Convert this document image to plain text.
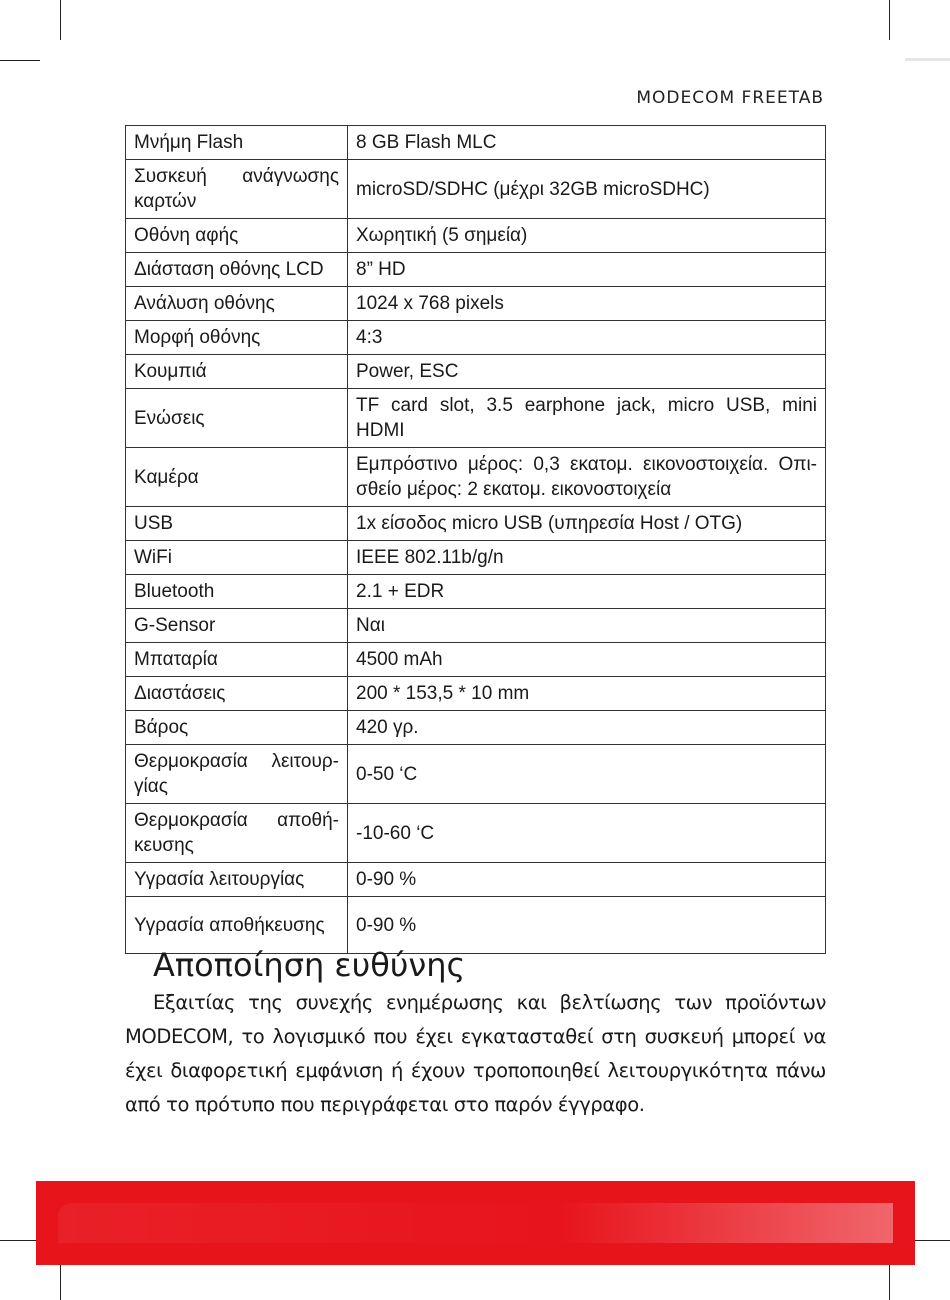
MODECOM FREETAB
Μνήμη Flash	8 GB Flash MLC
Συσκευή ανάγνωσης καρτών	microSD/SDHC (μέχρι 32GB microSDHC)
Οθόνη αφής	Χωρητική (5 σημεία)
Διάσταση οθόνης LCD	8” HD
Ανάλυση οθόνης	1024 x 768 pixels
Μορφή οθόνης	4:3
Κουμπιά	Power, ESC
Ενώσεις	TF card slot, 3.5 earphone jack, micro USB, mini HDMI
Καμέρα	Εμπρόστινο μέρος: 0,3 εκατομ. εικονοστοιχεία. Οπι-σθείο μέρος: 2 εκατομ. εικονοστοιχεία
USB	1x είσοδος micro USB (υπηρεσία Host / OTG)
WiFi	IEEE 802.11b/g/n
Bluetooth	2.1 + EDR
G-Sensor	Ναι
Μπαταρία	4500 mAh
Διαστάσεις	200 * 153,5 * 10 mm
Βάρος	420 γρ.
Θερμοκρασία λειτουρ-γίας	0-50 ‘C
Θερμοκρασία αποθή-κευσης	-10-60 ‘C
Υγρασία λειτουργίας	0-90 %
Υγρασία αποθήκευσης	0-90 %
Αποποίηση ευθύνης

Εξαιτίας της συνεχής ενημέρωσης και βελτίωσης των προϊόντων MODECOM, το λογισμικό που έχει εγκατασταθεί στη συσκευή μπορεί να έχει διαφορετική εμφάνιση ή έχουν τροποποιηθεί λειτουργικότητα πάνω από το πρότυπο που περιγράφεται στο παρόν έγγραφο.
